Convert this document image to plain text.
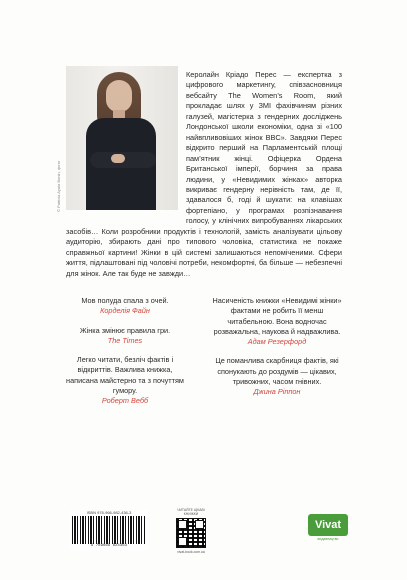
© Patricia Ayala Bonin, фото

Керолайн Кріадо Перес — експертка з цифрового маркетингу, співзасновниця вебсайту The Women’s Room, який прокладає шлях у ЗМІ фахівчиням різних галузей, магістерка з гендерних досліджень Лондонської школи економіки, одна зі «100 найвпливовіших жінок BBC». Завдяки Перес відкрито перший на Парламентській площі пам’ятник жінці. Офіцерка Ордена Британської імперії, борчиня за права людини, у «Невидимих жінках» авторка викриває гендерну нерівність там, де її, здавалося б, годі й шукати: на клавішах фортепіано, у програмах розпізнавання голосу, у клінічних випробуваннях лікарських засобів… Коли розробники продуктів і технологій, замість аналізувати цільову аудиторію, збирають дані про типового чоловіка, статистика не покаже справжньої картини! Жінки в цій системі залишаються непоміченими. Сфери життя, підлаштовані під чоловічі потреби, некомфортні, ба більше — небезпечні для жінок. Але так буде не завжди…

Мов полуда спала з очей.

Корделія Файн

Жінка змінює правила гри.

The Times

Легко читати, безліч фактів і відкриттів. Важлива книжка, написана майстерно та з почуттям гумору.

Роберт Вебб

Насиченість книжки «Невидимі жінки» фактами не робить її менш читабельною. Вона водночас розважальна, наукова й надважлива.

Адам Резерфорд

Це поманлива скарбниця фактів, які спонукають до роздумів — цікавих, тривожних, часом гнівних.

Джина Ріппон

ISBN 978-966-982-436-3
9 789669 824363
ЧИТАЙТЕ ЦІКАВІ КНИЖКИ
vivat-book.com.ua
Vivat
видавництво
